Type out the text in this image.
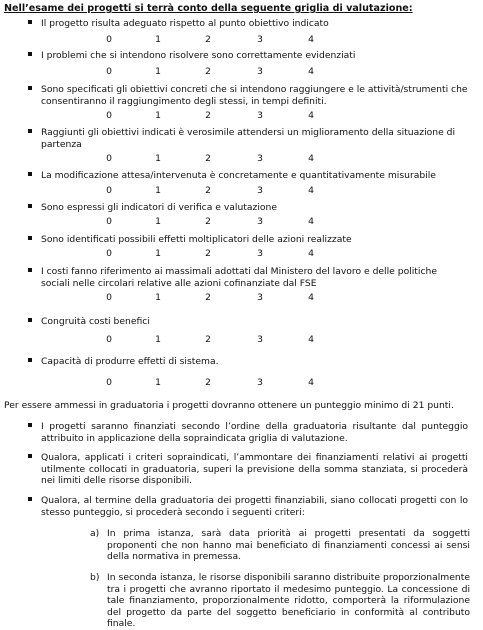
Nell’esame dei progetti si terrà conto della seguente griglia di valutazione:
Il progetto risulta adeguato rispetto al punto obiettivo indicato
0	1	2	3	4
I problemi che si intendono risolvere sono correttamente evidenziati
0	1	2	3	4
Sono specificati gli obiettivi concreti che si intendono raggiungere e le attività/strumenti che consentiranno il raggiungimento degli stessi, in tempi definiti.
0	1	2	3	4
Raggiunti gli obiettivi indicati è verosimile attendersi un miglioramento della situazione di partenza
0	1	2	3	4
La modificazione attesa/intervenuta è concretamente e quantitativamente misurabile
0	1	2	3	4
Sono espressi gli indicatori di verifica e valutazione
0	1	2	3	4
Sono identificati possibili effetti moltiplicatori delle azioni realizzate
0	1	2	3	4
I costi fanno riferimento ai massimali adottati dal Ministero del lavoro e delle politiche sociali nelle circolari relative alle azioni cofinanziate dal FSE
0	1	2	3	4
Congruità costi benefici
0	1	2	3	4
Capacità di produrre effetti di sistema.
0	1	2	3	4
Per essere ammessi in graduatoria i progetti dovranno ottenere un punteggio minimo di 21 punti.
I progetti saranno finanziati secondo l’ordine della graduatoria risultante dal punteggio attribuito in applicazione della sopraindicata griglia di valutazione.
Qualora, applicati i criteri sopraindicati, l’ammontare dei finanziamenti relativi ai progetti utilmente collocati in graduatoria, superi la previsione della somma stanziata, si procederà nei limiti delle risorse disponibili.
Qualora, al termine della graduatoria dei progetti finanziabili, siano collocati progetti con lo stesso punteggio, si procederà secondo i seguenti criteri:
a) In prima istanza, sarà data priorità ai progetti presentati da soggetti proponenti che non hanno mai beneficiato di finanziamenti concessi ai sensi della normativa in premessa.
b) In seconda istanza, le risorse disponibili saranno distribuite proporzionalmente tra i progetti che avranno riportato il medesimo punteggio. La concessione di tale finanziamento, proporzionalmente ridotto, comporterà la riformulazione del progetto da parte del soggetto beneficiario in conformità al contributo finale.
